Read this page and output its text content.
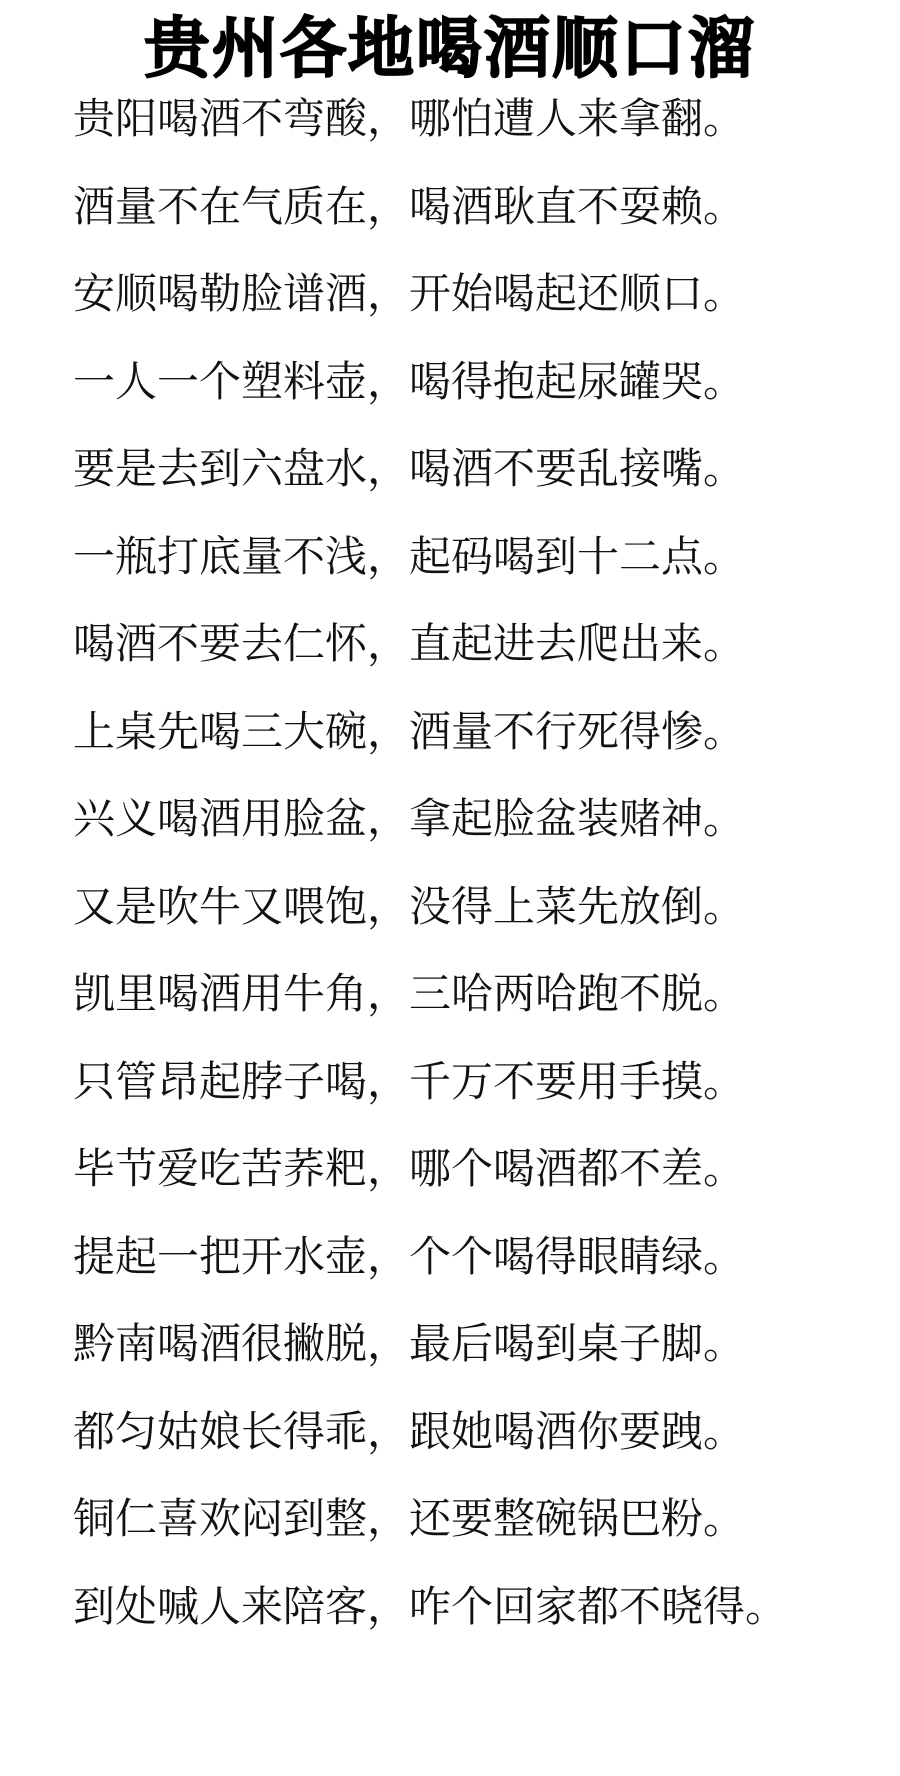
贵州各地喝酒顺口溜
贵阳喝酒不弯酸，哪怕遭人来拿翻。
酒量不在气质在，喝酒耿直不耍赖。
安顺喝勒脸谱酒，开始喝起还顺口。
一人一个塑料壶，喝得抱起尿罐哭。
要是去到六盘水，喝酒不要乱接嘴。
一瓶打底量不浅，起码喝到十二点。
喝酒不要去仁怀，直起进去爬出来。
上桌先喝三大碗，酒量不行死得惨。
兴义喝酒用脸盆，拿起脸盆装赌神。
又是吹牛又喂饱，没得上菜先放倒。
凯里喝酒用牛角，三哈两哈跑不脱。
只管昂起脖子喝，千万不要用手摸。
毕节爱吃苦荞粑，哪个喝酒都不差。
提起一把开水壶，个个喝得眼睛绿。
黔南喝酒很撇脱，最后喝到桌子脚。
都匀姑娘长得乖，跟她喝酒你要跩。
铜仁喜欢闷到整，还要整碗锅巴粉。
到处喊人来陪客，咋个回家都不晓得。
